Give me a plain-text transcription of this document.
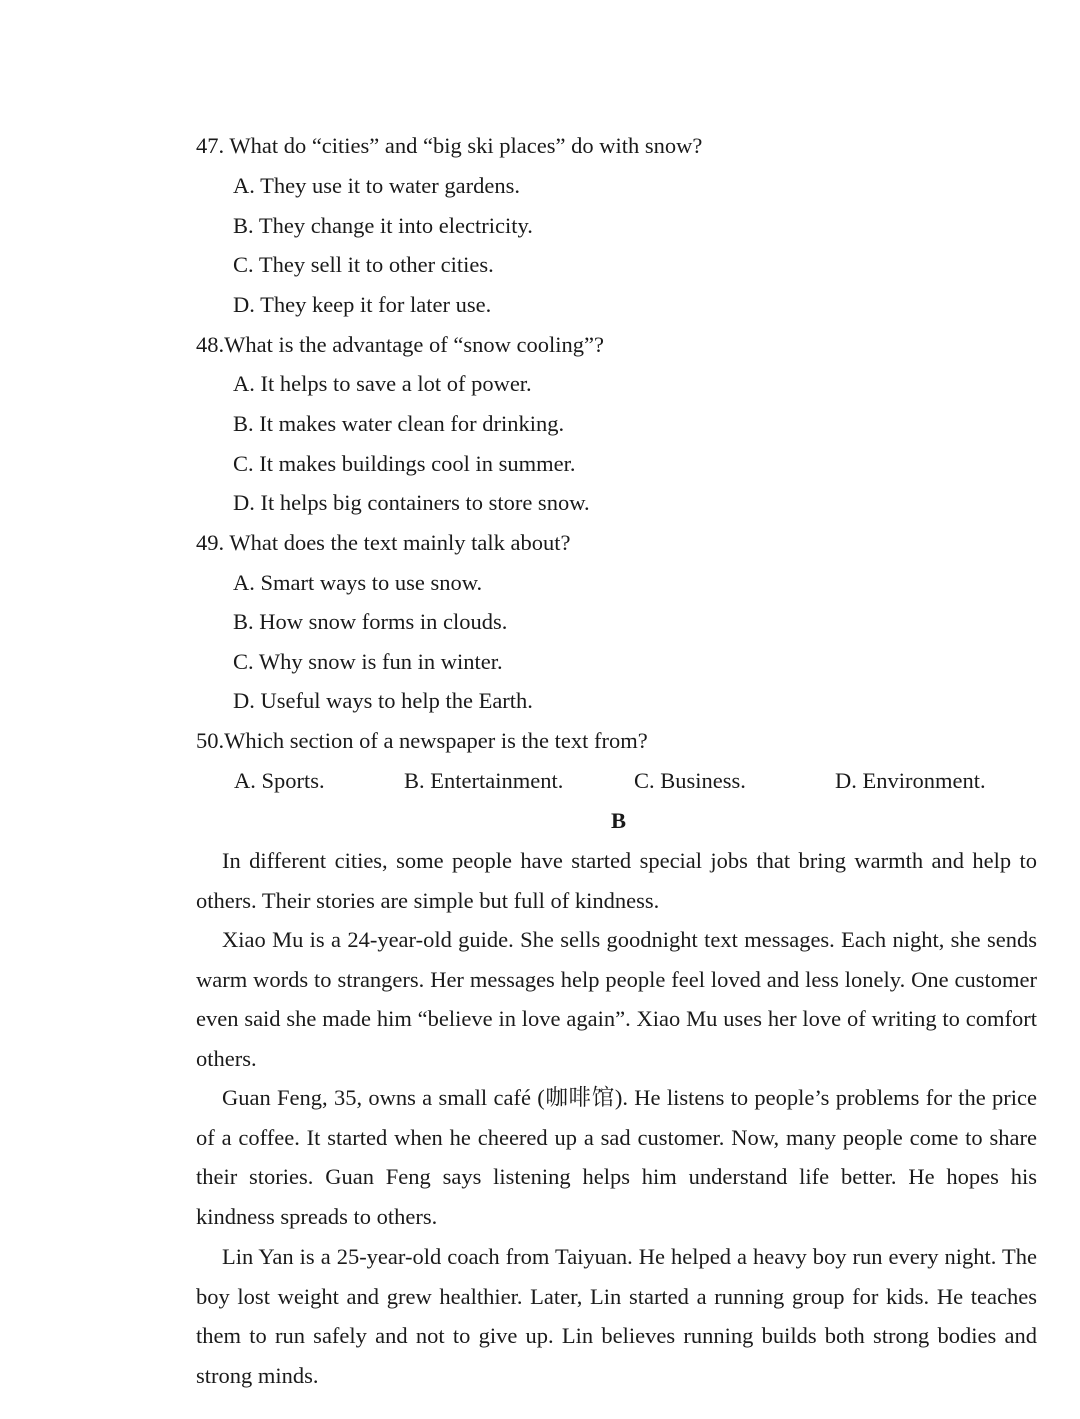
47. What do “cities” and “big ski places” do with snow?
A. They use it to water gardens.
B. They change it into electricity.
C. They sell it to other cities.
D. They keep it for later use.
48.What is the advantage of “snow cooling”?
A. It helps to save a lot of power.
B. It makes water clean for drinking.
C. It makes buildings cool in summer.
D. It helps big containers to store snow.
49. What does the text mainly talk about?
A. Smart ways to use snow.
B. How snow forms in clouds.
C. Why snow is fun in winter.
D. Useful ways to help the Earth.
50.Which section of a newspaper is the text from?
A. Sports.	B. Entertainment.	C. Business.	D. Environment.
B

In different cities, some people have started special jobs that bring warmth and help to others. Their stories are simple but full of kindness.

Xiao Mu is a 24-year-old guide. She sells goodnight text messages. Each night, she sends warm words to strangers. Her messages help people feel loved and less lonely. One customer even said she made him “believe in love again”. Xiao Mu uses her love of writing to comfort others.

Guan Feng, 35, owns a small café (咖啡馆). He listens to people’s problems for the price of a coffee. It started when he cheered up a sad customer. Now, many people come to share their stories. Guan Feng says listening helps him understand life better. He hopes his kindness spreads to others.

Lin Yan is a 25-year-old coach from Taiyuan. He helped a heavy boy run every night. The boy lost weight and grew healthier. Later, Lin started a running group for kids. He teaches them to run safely and not to give up. Lin believes running builds both strong bodies and strong minds.
